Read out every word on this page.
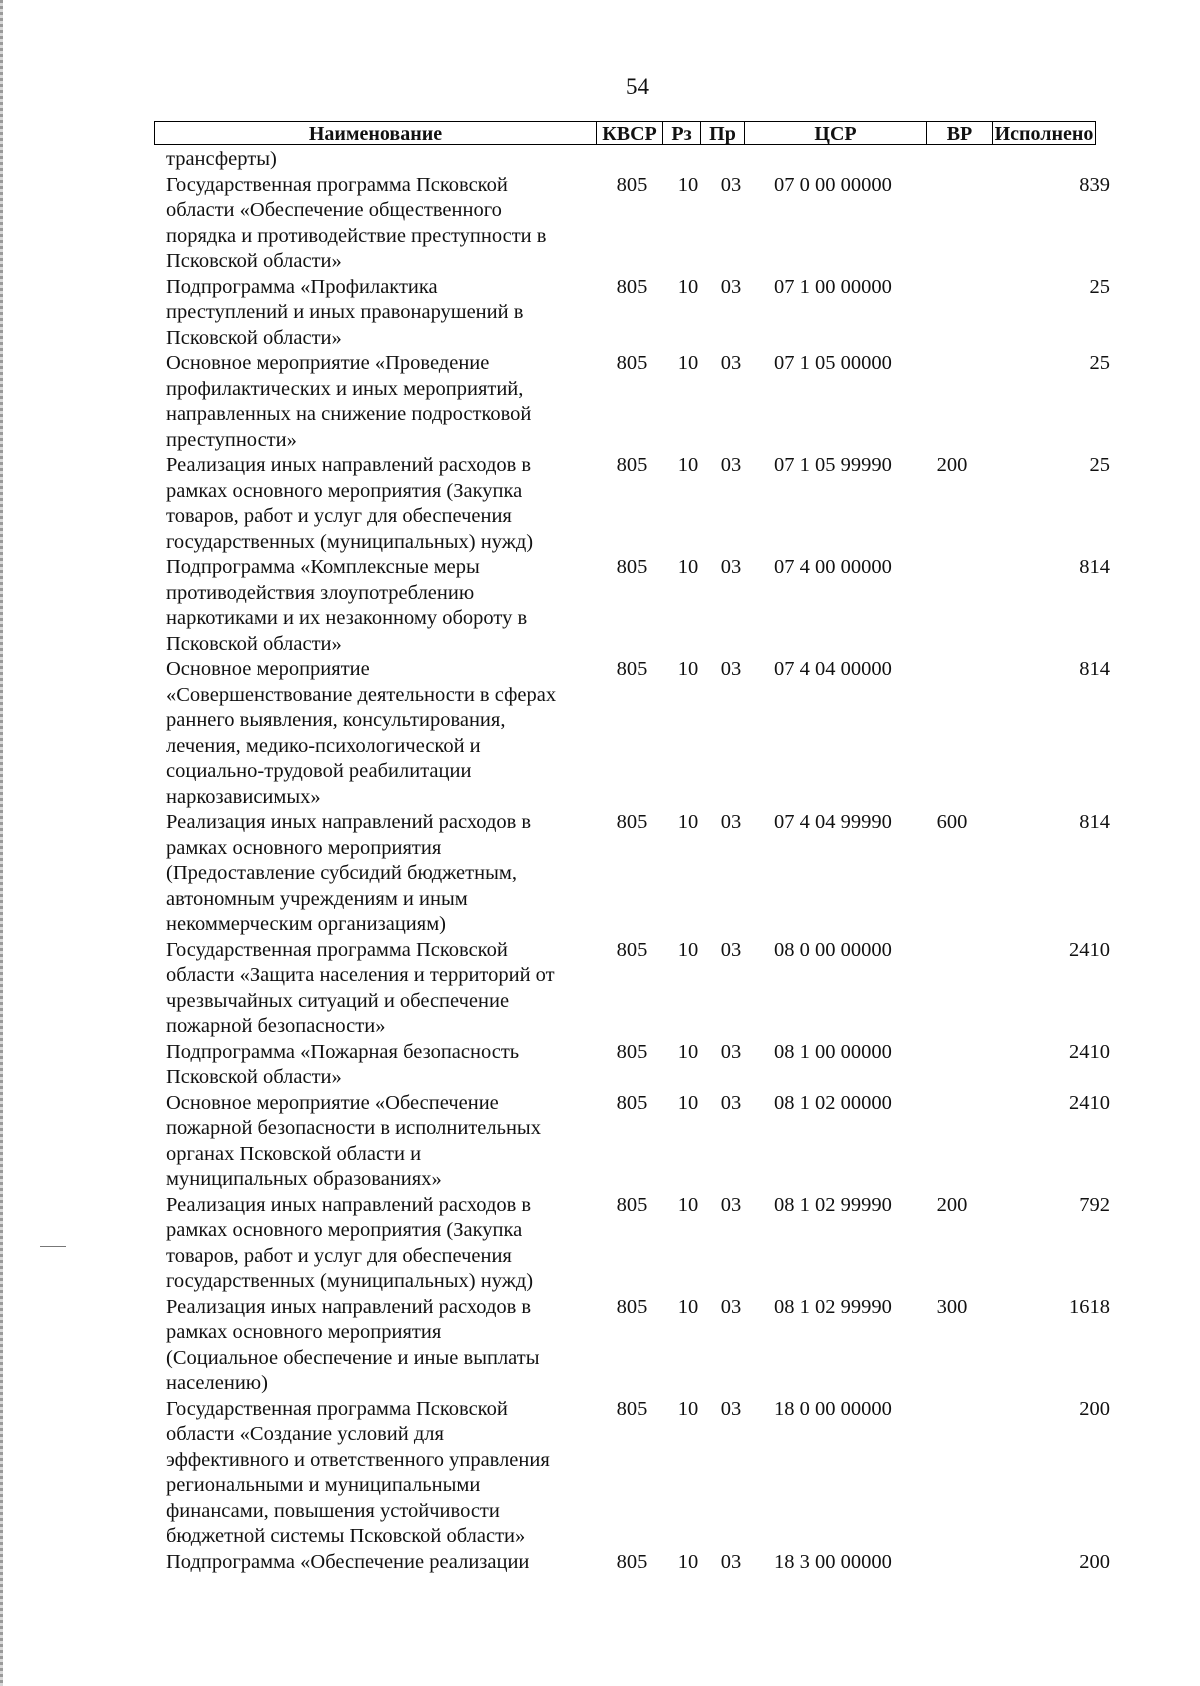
54
Наименование	КВСР Рз Пр	ЦСР	ВР	Исполнено
трансферты)
Государственная программа Псковской
области «Обеспечение общественного
порядка и противодействие преступности в
Псковской области»
805 10 03 07 0 00 00000	839
Подпрограмма «Профилактика
преступлений и иных правонарушений в
Псковской области»
805 10 03 07 1 00 00000	25
Основное мероприятие «Проведение
профилактических и иных мероприятий,
направленных на снижение подростковой
преступности»
805 10 03 07 1 05 00000	25
Реализация иных направлений расходов в
рамках основного мероприятия (Закупка
товаров, работ и услуг для обеспечения
государственных (муниципальных) нужд)
805 10 03 07 1 05 99990	200	25
Подпрограмма «Комплексные меры
противодействия злоупотреблению
наркотиками и их незаконному обороту в
Псковской области»
805 10 03 07 4 00 00000	814
Основное мероприятие
«Совершенствование деятельности в сферах
раннего выявления, консультирования,
лечения, медико-психологической и
социально-трудовой реабилитации
наркозависимых»
805 10 03 07 4 04 00000	814
Реализация иных направлений расходов в
рамках основного мероприятия
(Предоставление субсидий бюджетным,
автономным учреждениям и иным
некоммерческим организациям)
805 10 03 07 4 04 99990	600	814
Государственная программа Псковской
области «Защита населения и территорий от
чрезвычайных ситуаций и обеспечение
пожарной безопасности»
805 10 03 08 0 00 00000	2410
Подпрограмма «Пожарная безопасность
Псковской области»
805 10 03 08 1 00 00000	2410
Основное мероприятие «Обеспечение
пожарной безопасности в исполнительных
органах Псковской области и
муниципальных образованиях»
805 10 03 08 1 02 00000	2410
Реализация иных направлений расходов в
рамках основного мероприятия (Закупка
товаров, работ и услуг для обеспечения
государственных (муниципальных) нужд)
805 10 03 08 1 02 99990	200	792
Реализация иных направлений расходов в
рамках основного мероприятия
(Социальное обеспечение и иные выплаты
населению)
805 10 03 08 1 02 99990	300	1618
Государственная программа Псковской
области «Создание условий для
эффективного и ответственного управления
региональными и муниципальными
финансами, повышения устойчивости
бюджетной системы Псковской области»
805 10 03 18 0 00 00000	200
Подпрограмма «Обеспечение реализации	805 10 03 18 3 00 00000	200
